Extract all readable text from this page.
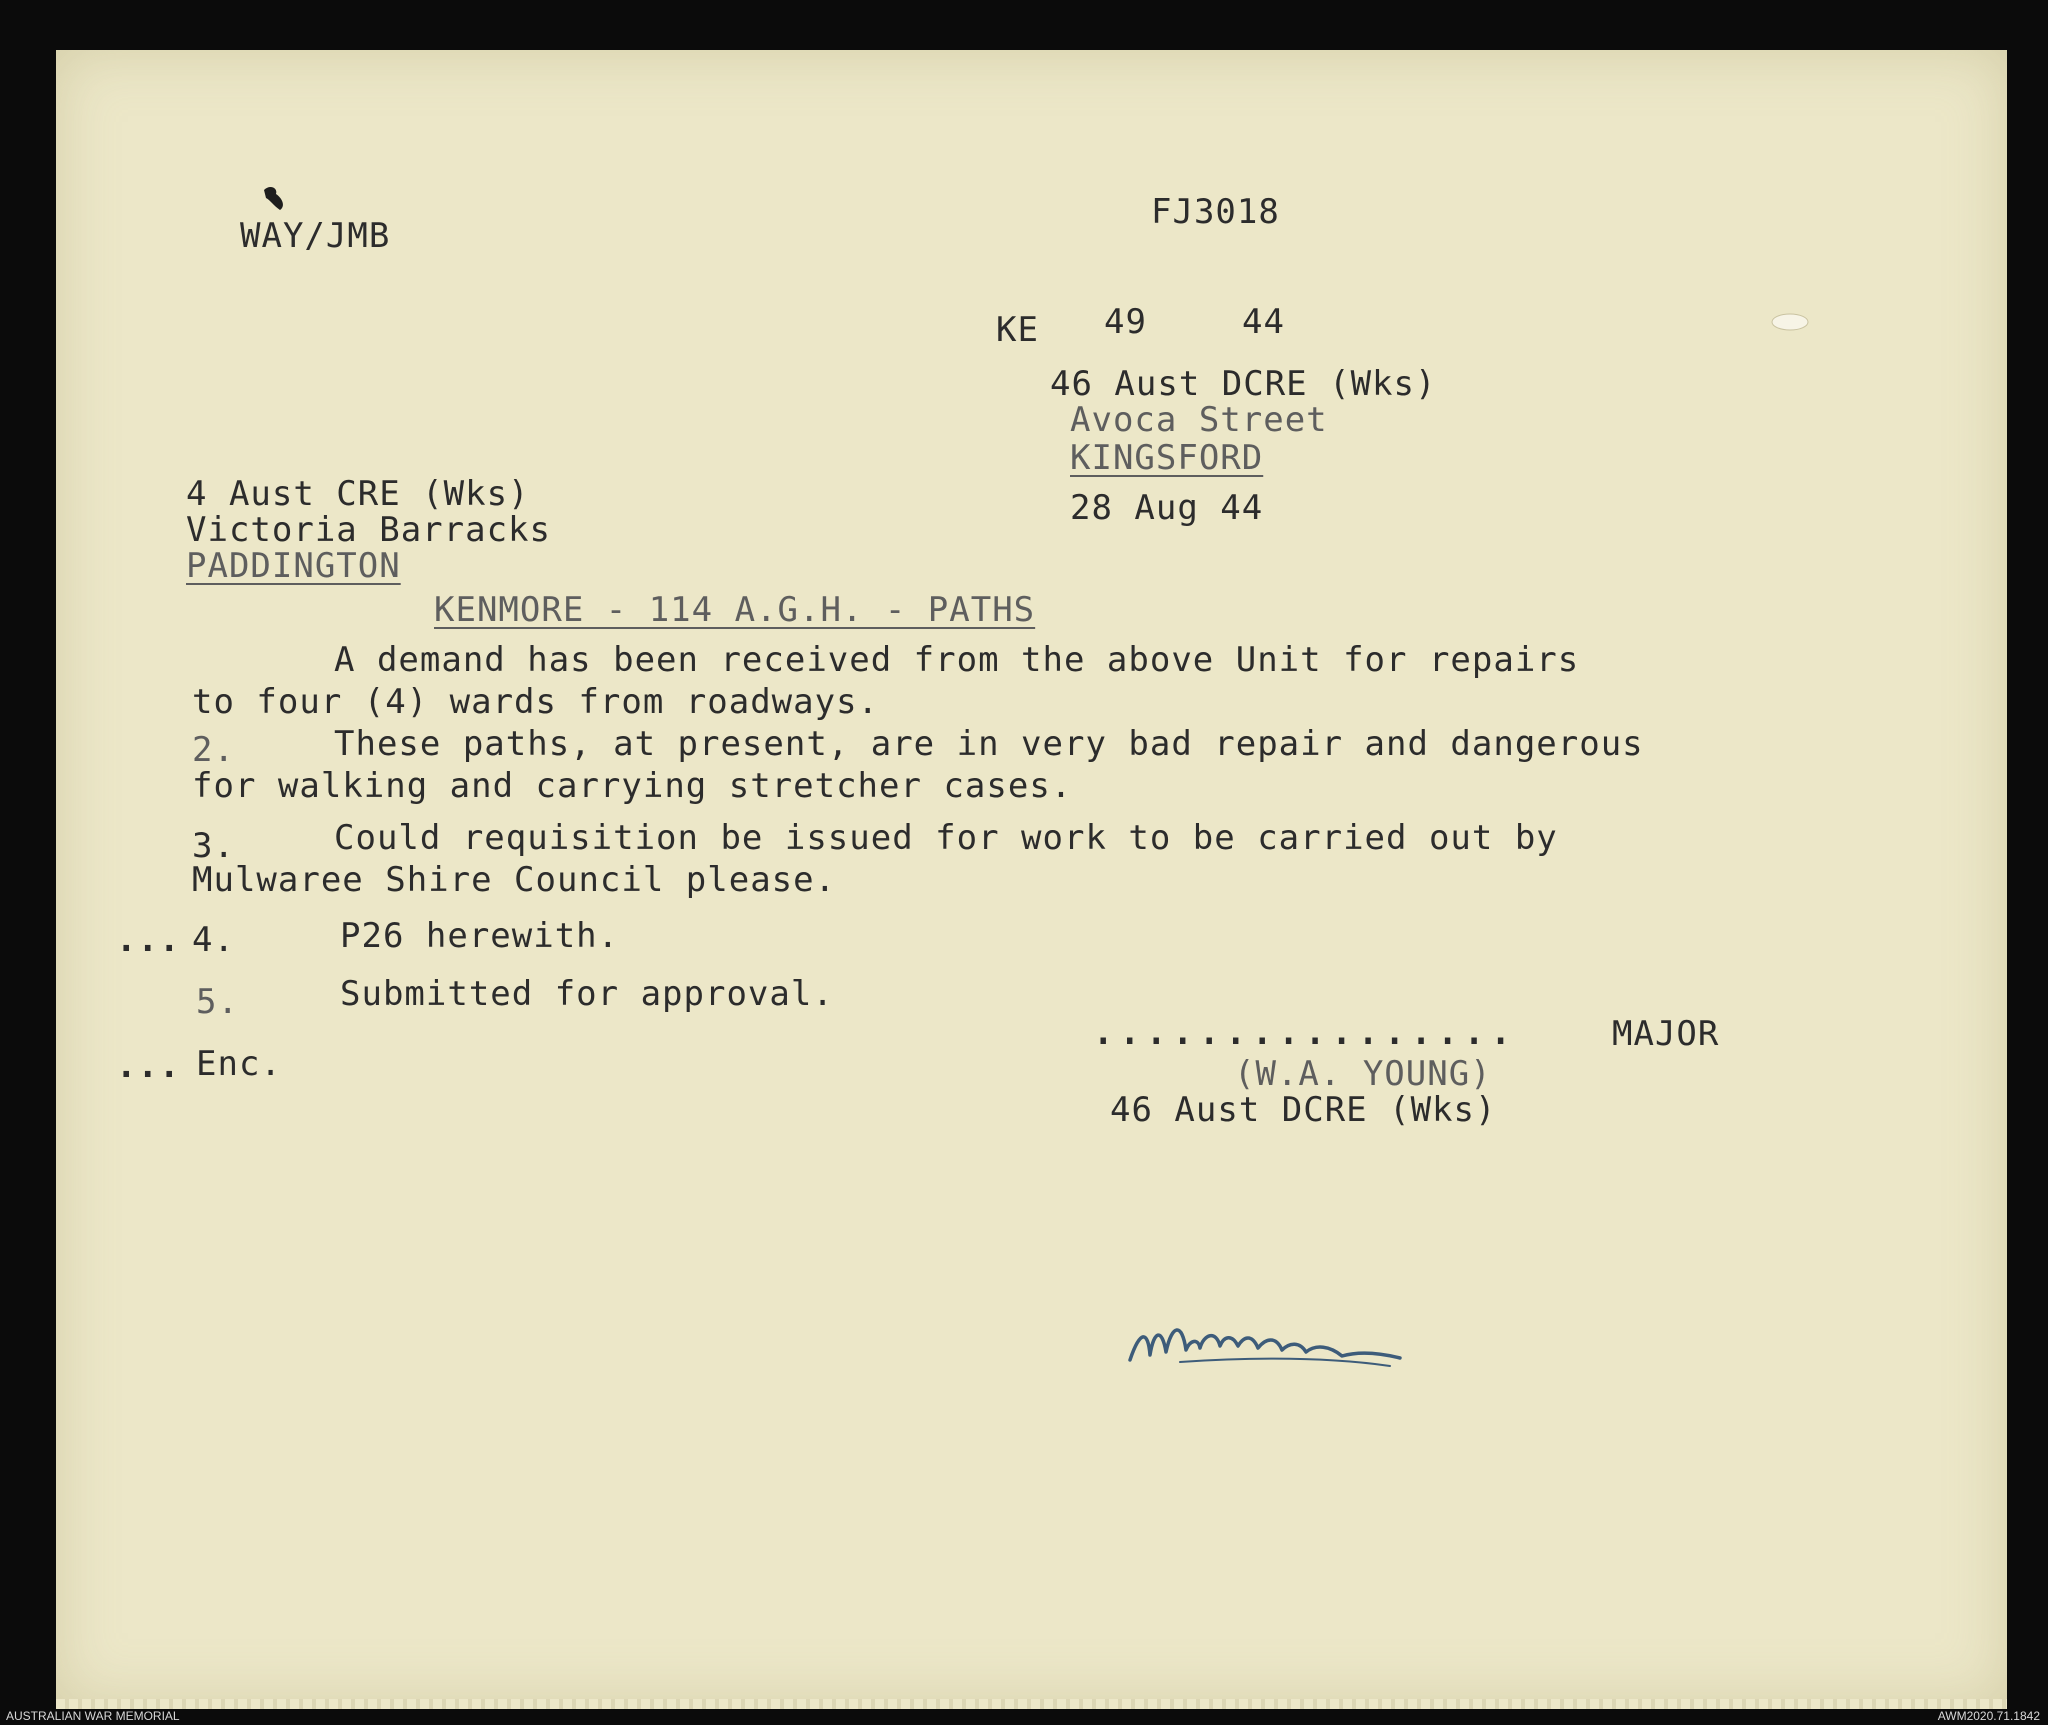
WAY/JMB
FJ3018
KE 49	44
46 Aust DCRE (Wks)
Avoca Street
KINGSFORD
28 Aug 44
4 Aust CRE (Wks)
Victoria Barracks
PADDINGTON
KENMORE - 114 A.G.H. - PATHS
A demand has been received from the above Unit for repairs
to four (4) wards from roadways.
2.	These paths, at present, are in very bad repair and dangerous
for walking and carrying stretcher cases.
3.	Could requisition be issued for work to be carried out by
Mulwaree Shire Council please.
... 4.	P26 herewith.
5.	Submitted for approval.
... Enc.
................	MAJOR
(W.A. YOUNG)
46 Aust DCRE (Wks)
AUSTRALIAN WAR MEMORIAL	AWM2020.71.1842
